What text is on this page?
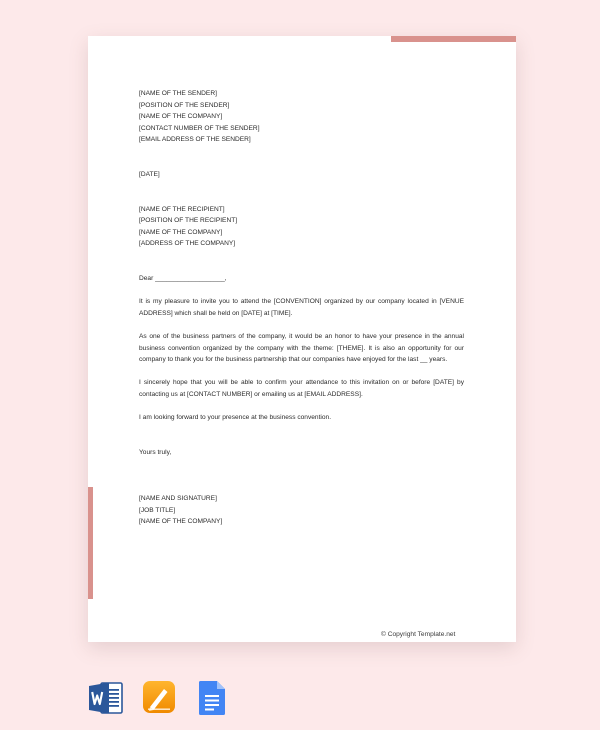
[NAME OF THE SENDER]
[POSITION OF THE SENDER]
[NAME OF THE COMPANY]
[CONTACT NUMBER OF THE SENDER]
[EMAIL ADDRESS OF THE SENDER]
[DATE]
[NAME OF THE RECIPIENT]
[POSITION OF THE RECIPIENT]
[NAME OF THE COMPANY]
[ADDRESS OF THE COMPANY]
Dear ___________________,

It is my pleasure to invite you to attend the [CONVENTION] organized by our company located in [VENUE ADDRESS] which shall be held on [DATE] at [TIME].

As one of the business partners of the company, it would be an honor to have your presence in the annual business convention organized by the company with the theme: [THEME]. It is also an opportunity for our company to thank you for the business partnership that our companies have enjoyed for the last __ years.

I sincerely hope that you will be able to confirm your attendance to this invitation on or before [DATE] by contacting us at [CONTACT NUMBER] or emailing us at [EMAIL ADDRESS].

I am looking forward to your presence at the business convention.

Yours truly,
[NAME AND SIGNATURE]
[JOB TITLE]
[NAME OF THE COMPANY]
© Copyright Template.net
